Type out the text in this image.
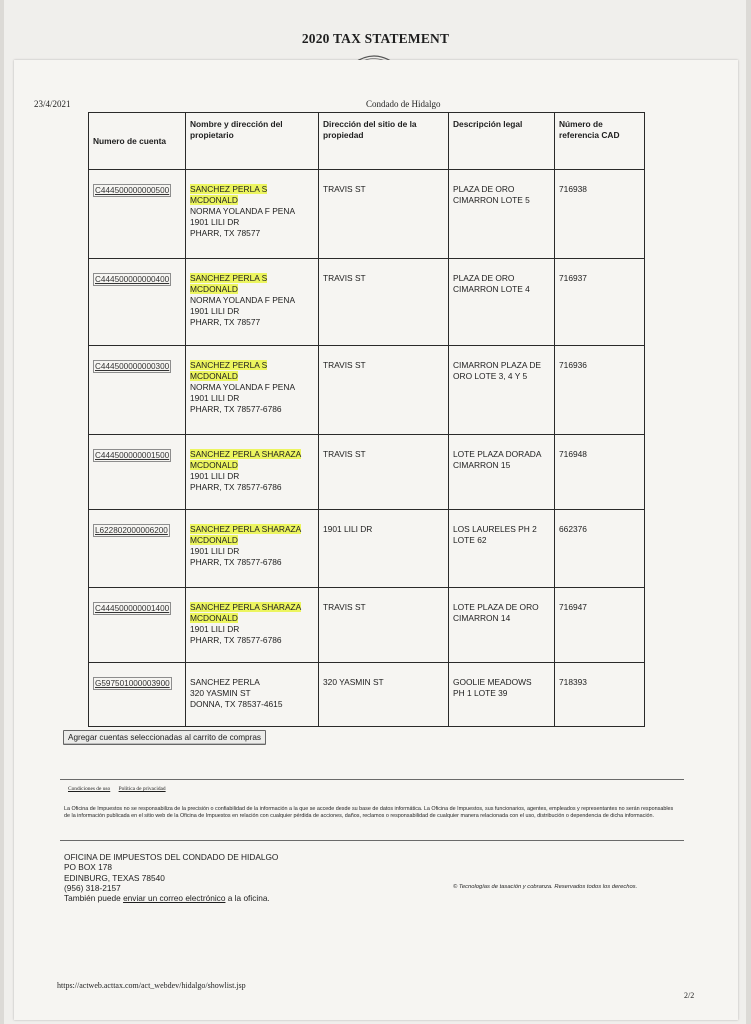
2020 TAX STATEMENT
23/4/2021	Condado de Hidalgo
Numero de cuenta	Nombre y dirección del propietario	Dirección del sitio de la propiedad	Descripción legal	Número de referencia CAD
C444500000000500	SANCHEZ PERLA S
MCDONALD
NORMA YOLANDA F PENA
1901 LILI DR
PHARR, TX 78577	TRAVIS ST	PLAZA DE ORO
CIMARRON LOTE 5	716938

C444500000000400	SANCHEZ PERLA S
MCDONALD
NORMA YOLANDA F PENA
1901 LILI DR
PHARR, TX 78577	TRAVIS ST	PLAZA DE ORO
CIMARRON LOTE 4	716937

C444500000000300	SANCHEZ PERLA S
MCDONALD
NORMA YOLANDA F PENA
1901 LILI DR
PHARR, TX 78577-6786	TRAVIS ST	CIMARRON PLAZA DE
ORO LOTE 3, 4 Y 5	716936

C444500000001500	SANCHEZ PERLA SHARAZA
MCDONALD
1901 LILI DR
PHARR, TX 78577-6786	TRAVIS ST	LOTE PLAZA DORADA
CIMARRON 15	716948

L622802000006200	SANCHEZ PERLA SHARAZA
MCDONALD
1901 LILI DR
PHARR, TX 78577-6786	1901 LILI DR	LOS LAURELES PH 2
LOTE 62	662376

C444500000001400	SANCHEZ PERLA SHARAZA
MCDONALD
1901 LILI DR
PHARR, TX 78577-6786	TRAVIS ST	LOTE PLAZA DE ORO
CIMARRON 14	716947

G597501000003900	SANCHEZ PERLA
320 YASMIN ST
DONNA, TX 78537-4615	320 YASMIN ST	GOOLIE MEADOWS
PH 1 LOTE 39	718393
Agregar cuentas seleccionadas al carrito de compras
Condiciones de uso Política de privacidad
La Oficina de Impuestos no se responsabiliza de la precisión o confiabilidad de la información a la que se accede desde su base de datos informática. La Oficina de Impuestos, sus funcionarios, agentes, empleados y representantes no serán responsables de la información publicada en el sitio web de la Oficina de Impuestos en relación con cualquier pérdida de acciones, daños, reclamos o responsabilidad de cualquier manera relacionada con el uso, distribución o dependencia de dicha información.
OFICINA DE IMPUESTOS DEL CONDADO DE HIDALGO
PO BOX 178
EDINBURG, TEXAS 78540
(956) 318-2157
También puede enviar un correo electrónico a la oficina.
© Tecnologías de tasación y cobranza. Reservados todos los derechos.
https://actweb.acttax.com/act_webdev/hidalgo/showlist.jsp
2/2
